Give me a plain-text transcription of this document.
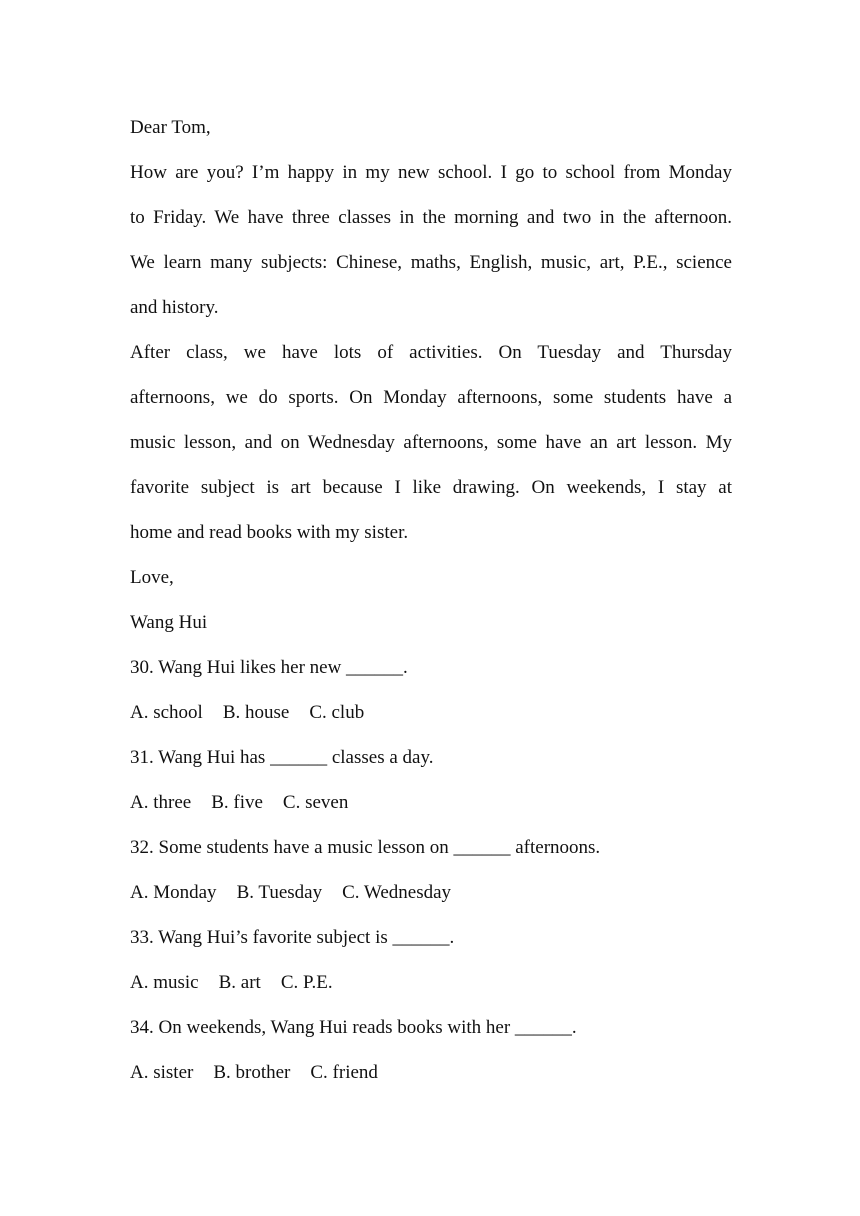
Dear Tom,
How are you? I’m happy in my new school. I go to school from Monday
to Friday. We have three classes in the morning and two in the afternoon.
We learn many subjects: Chinese, maths, English, music, art, P.E., science
and history.
After class, we have lots of activities. On Tuesday and Thursday
afternoons, we do sports. On Monday afternoons, some students have a
music lesson, and on Wednesday afternoons, some have an art lesson. My
favorite subject is art because I like drawing. On weekends, I stay at
home and read books with my sister.
Love,
Wang Hui
30. Wang Hui likes her new ______.
A. school B. house C. club
31. Wang Hui has ______ classes a day.
A. three B. five C. seven
32. Some students have a music lesson on ______ afternoons.
A. Monday B. Tuesday C. Wednesday
33. Wang Hui’s favorite subject is ______.
A. music B. art C. P.E.
34. On weekends, Wang Hui reads books with her ______.
A. sister B. brother C. friend
